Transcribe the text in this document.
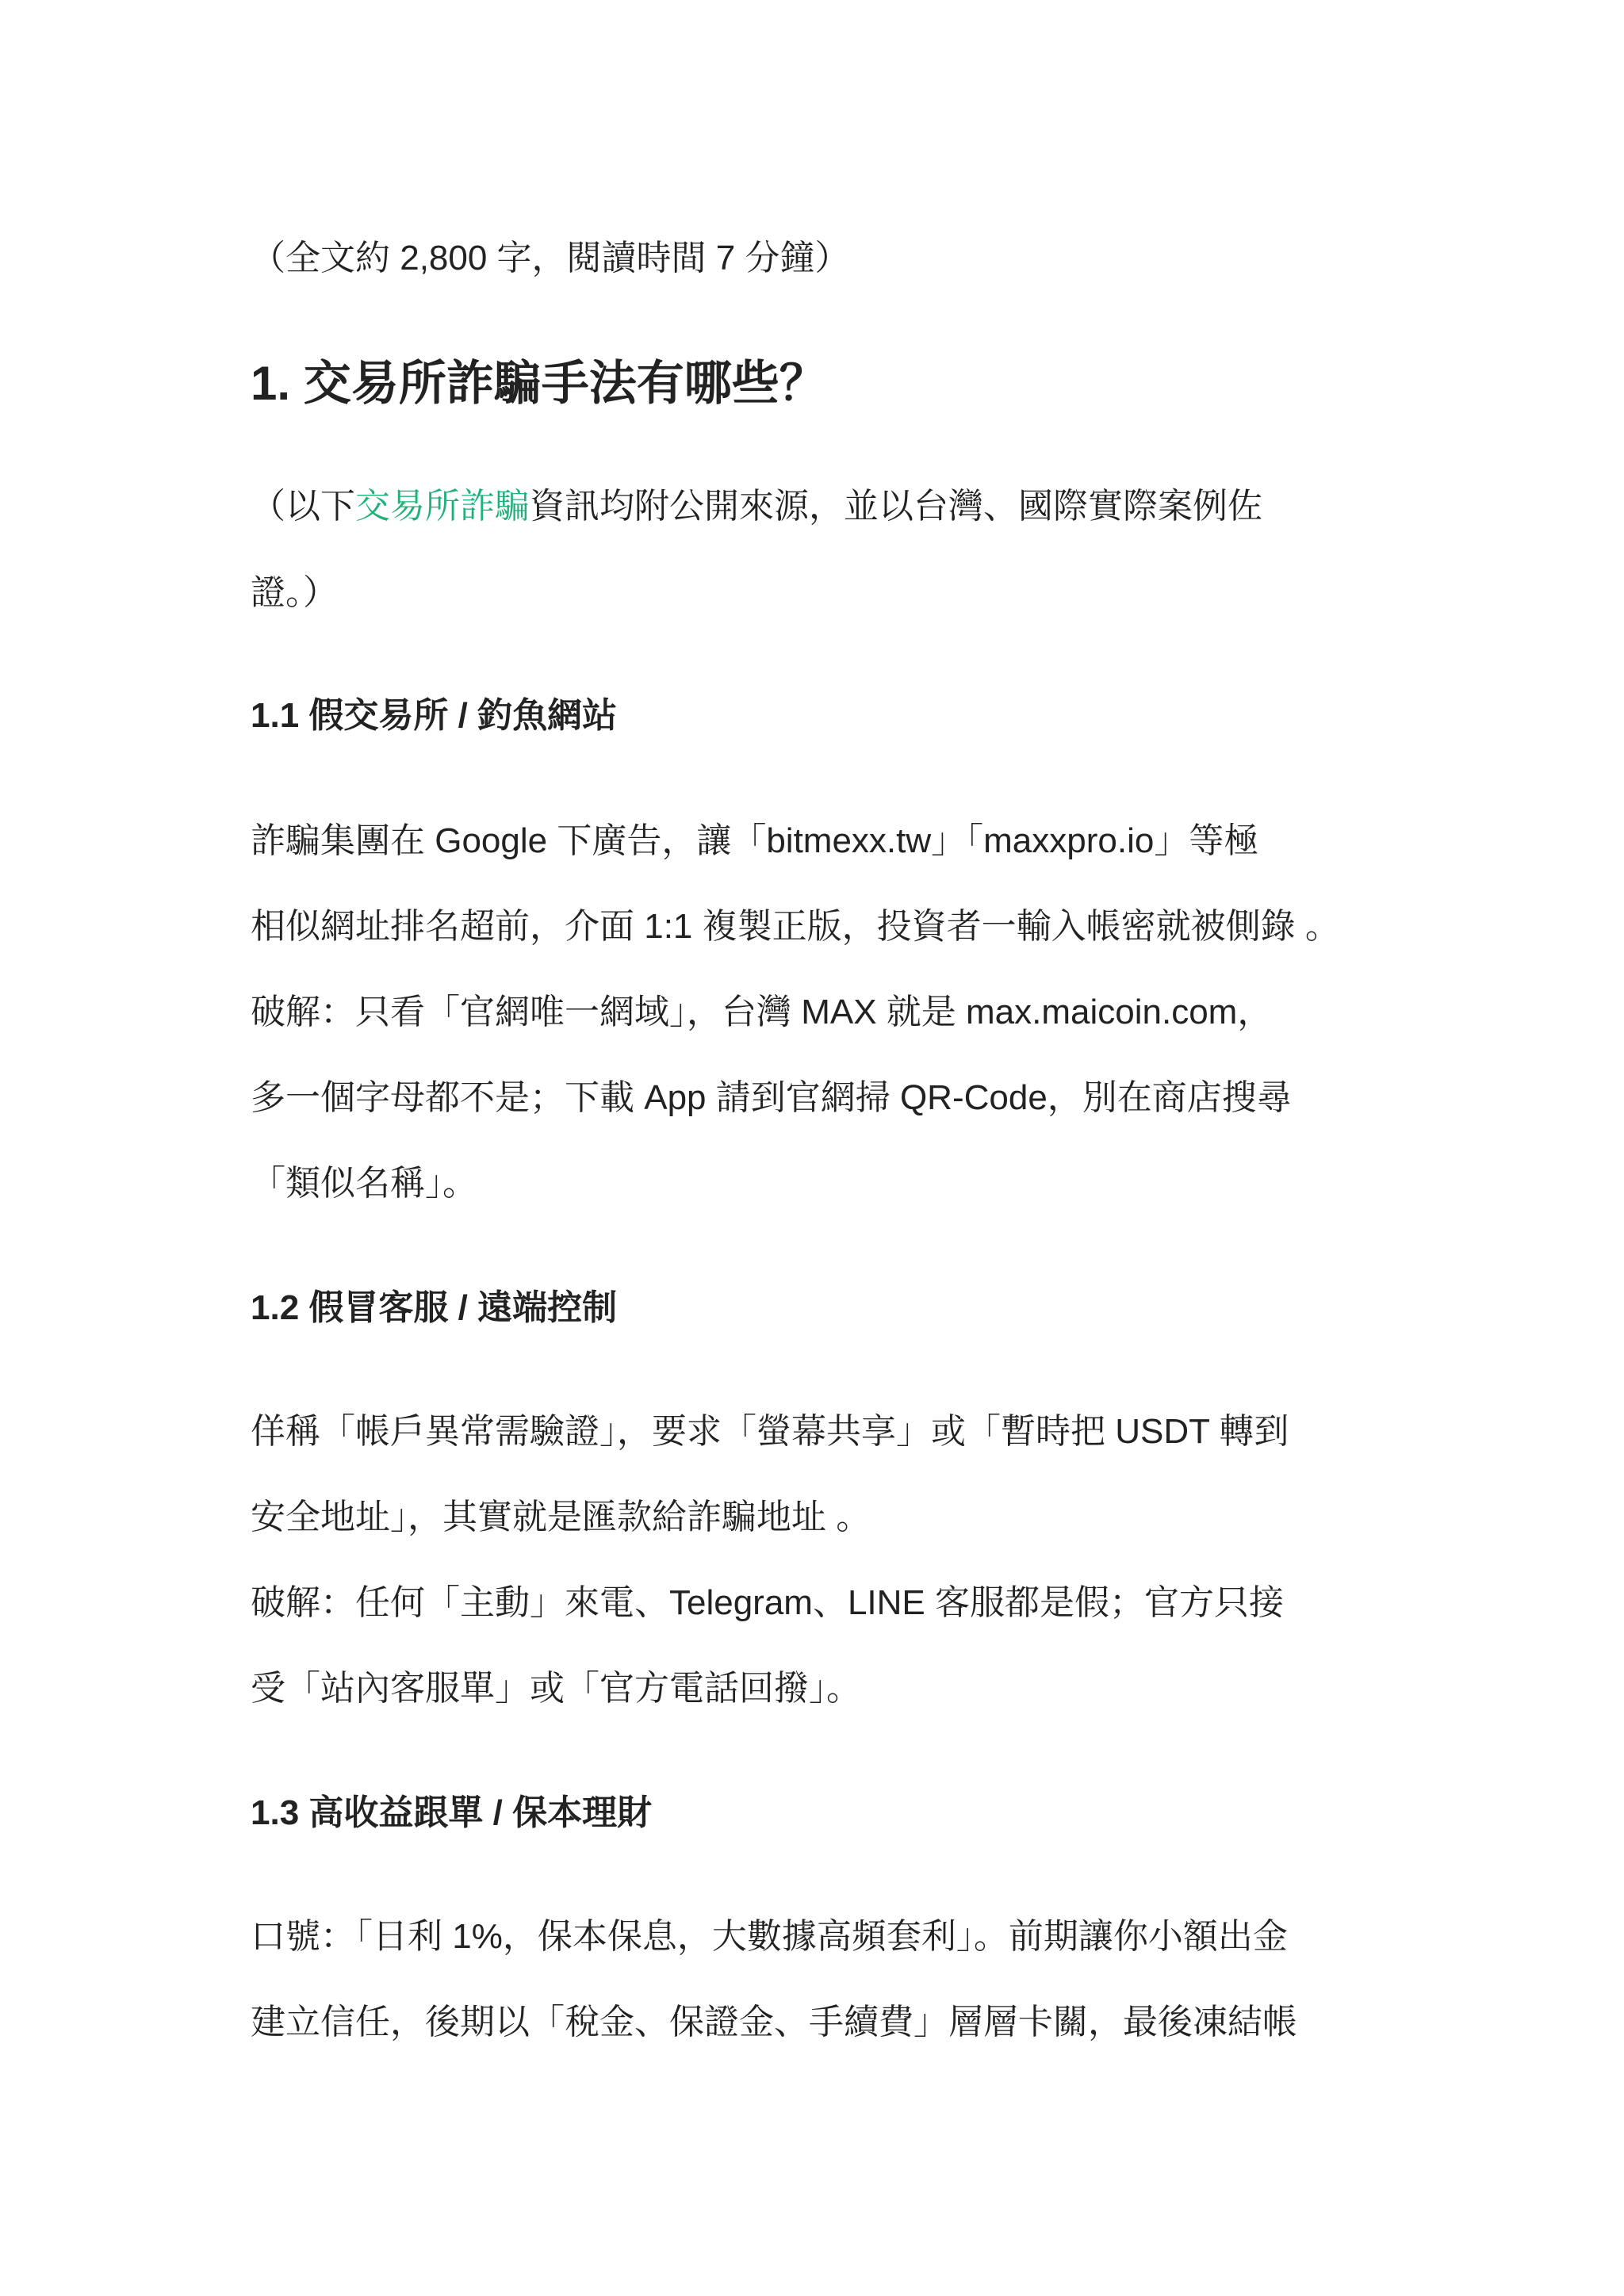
（全文約 2,800 字，閱讀時間 7 分鐘）
1. 交易所詐騙手法有哪些？
（以下交易所詐騙資訊均附公開來源，並以台灣、國際實際案例佐
證。）
1.1 假交易所 / 釣魚網站
詐騙集團在 Google 下廣告，讓「bitmexx.tw」「maxxpro.io」等極
相似網址排名超前，介面 1:1 複製正版，投資者一輸入帳密就被側錄 。
破解：只看「官網唯一網域」，台灣 MAX 就是 max.maicoin.com，
多一個字母都不是；下載 App 請到官網掃 QR-Code，別在商店搜尋
「類似名稱」。
1.2 假冒客服 / 遠端控制
佯稱「帳戶異常需驗證」，要求「螢幕共享」或「暫時把 USDT 轉到
安全地址」，其實就是匯款給詐騙地址 。
破解：任何「主動」來電、Telegram、LINE 客服都是假；官方只接
受「站內客服單」或「官方電話回撥」。
1.3 高收益跟單 / 保本理財
口號：「日利 1%，保本保息，大數據高頻套利」。前期讓你小額出金
建立信任，後期以「稅金、保證金、手續費」層層卡關，最後凍結帳
